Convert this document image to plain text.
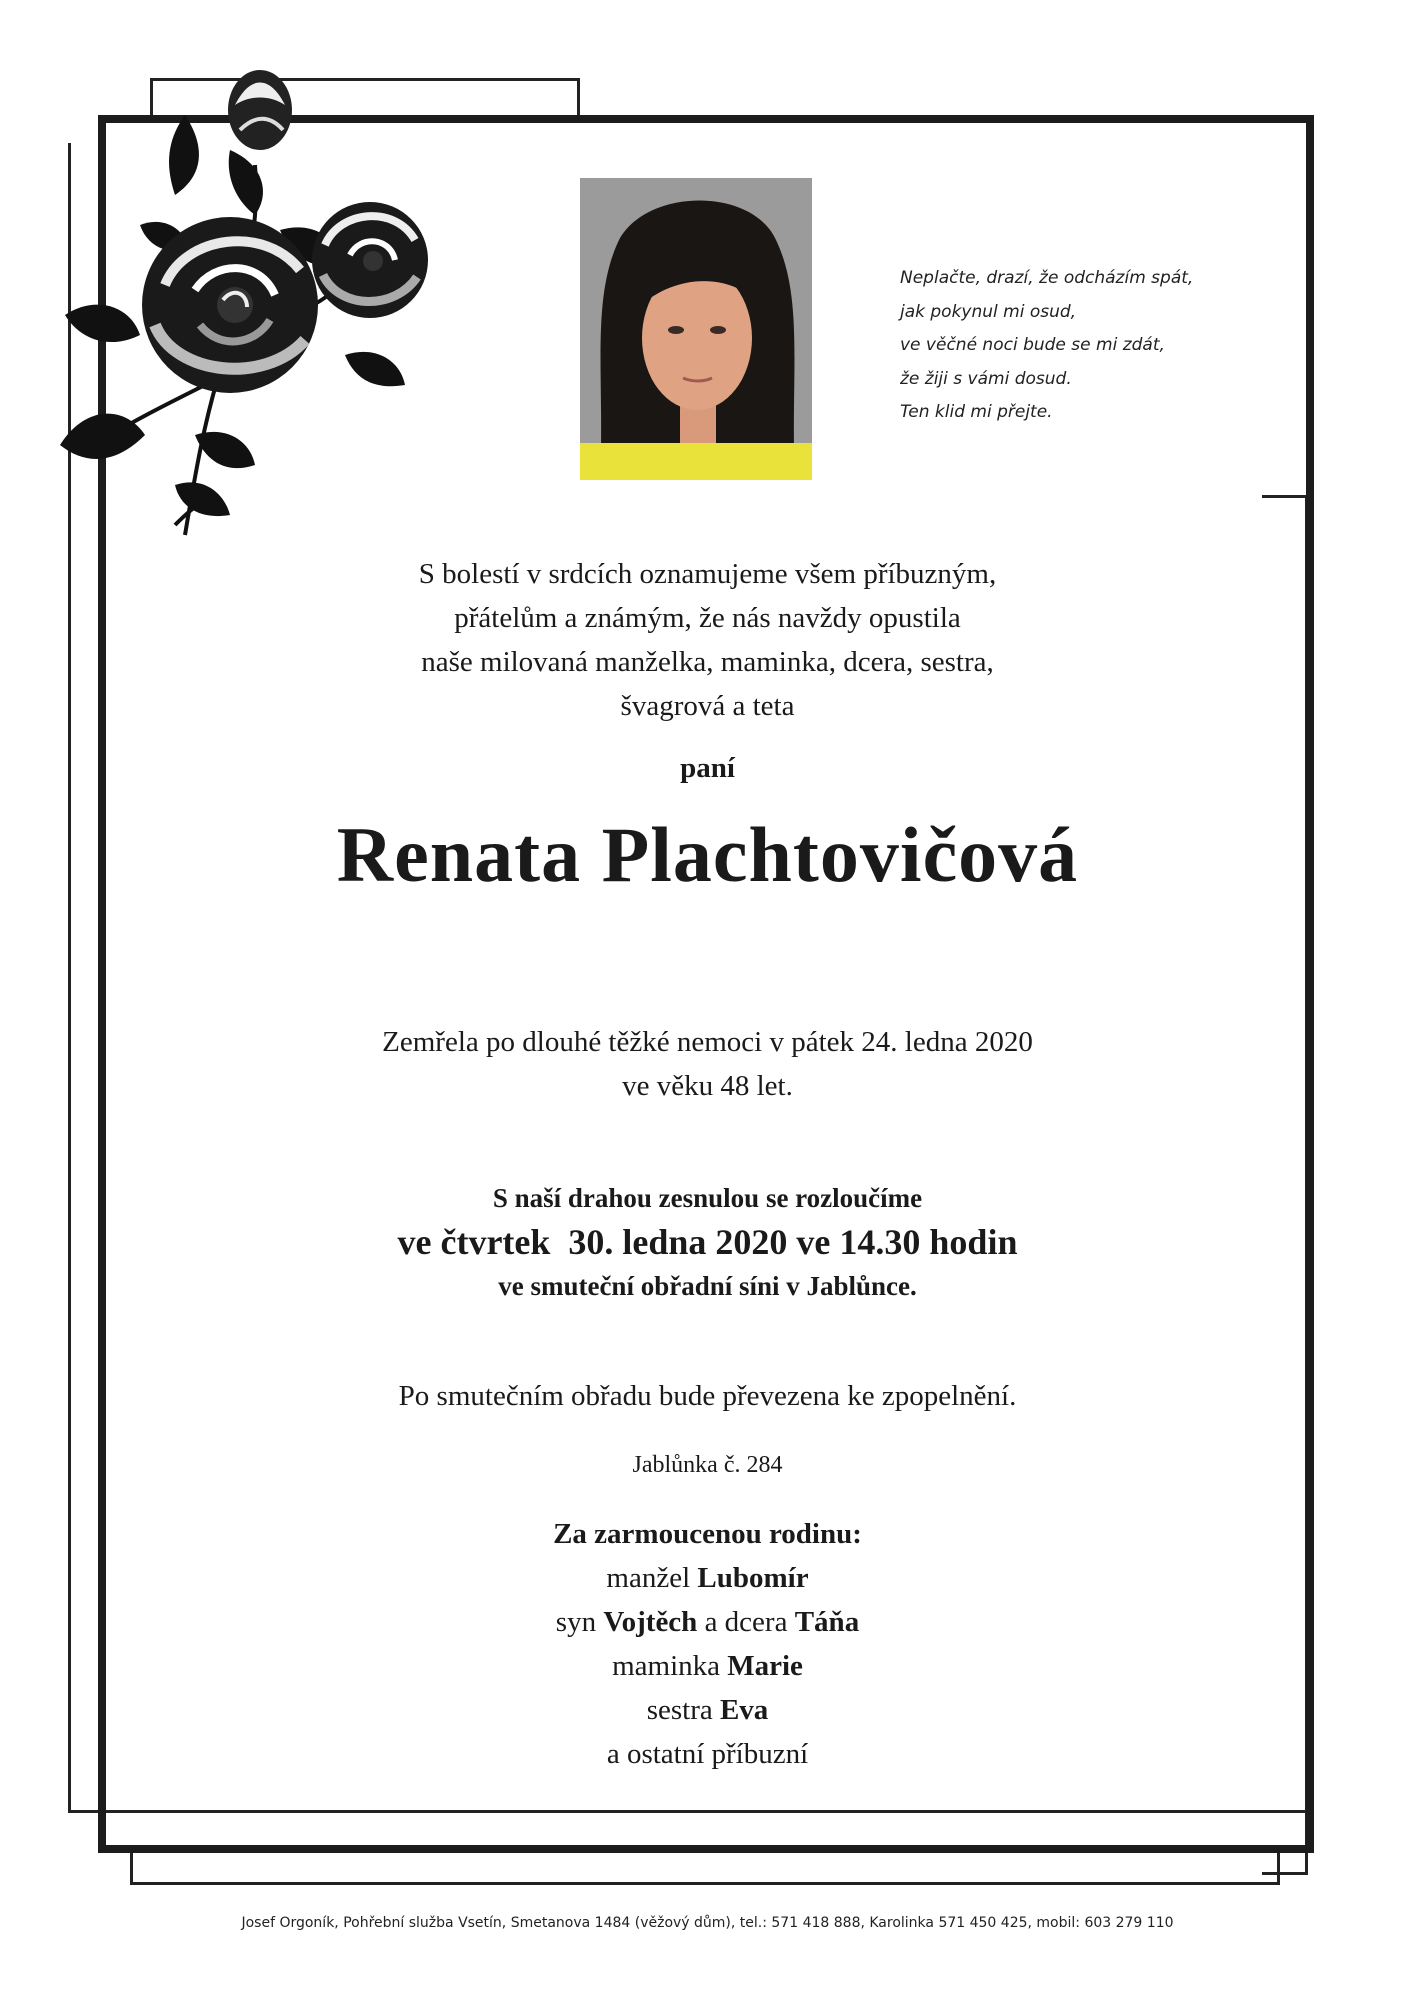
Neplačte, drazí, že odcházím spát,
jak pokynul mi osud,
ve věčné noci bude se mi zdát,
že žiji s vámi dosud.
Ten klid mi přejte.
S bolestí v srdcích oznamujeme všem příbuzným,
přátelům a známým, že nás navždy opustila
naše milovaná manželka, maminka, dcera, sestra,
švagrová a teta
paní
Renata Plachtovičová
Zemřela po dlouhé těžké nemoci v pátek 24. ledna 2020
ve věku 48 let.
S naší drahou zesnulou se rozloučíme
ve čtvrtek  30. ledna 2020 ve 14.30 hodin
ve smuteční obřadní síni v Jablůnce.
Po smutečním obřadu bude převezena ke zpopelnění.
Jablůnka č. 284
Za zarmoucenou rodinu:
manžel Lubomír
syn Vojtěch a dcera Táňa
maminka Marie
sestra Eva
a ostatní příbuzní
Josef Orgoník, Pohřební služba Vsetín, Smetanova 1484 (věžový dům), tel.: 571 418 888, Karolinka 571 450 425, mobil: 603 279 110
